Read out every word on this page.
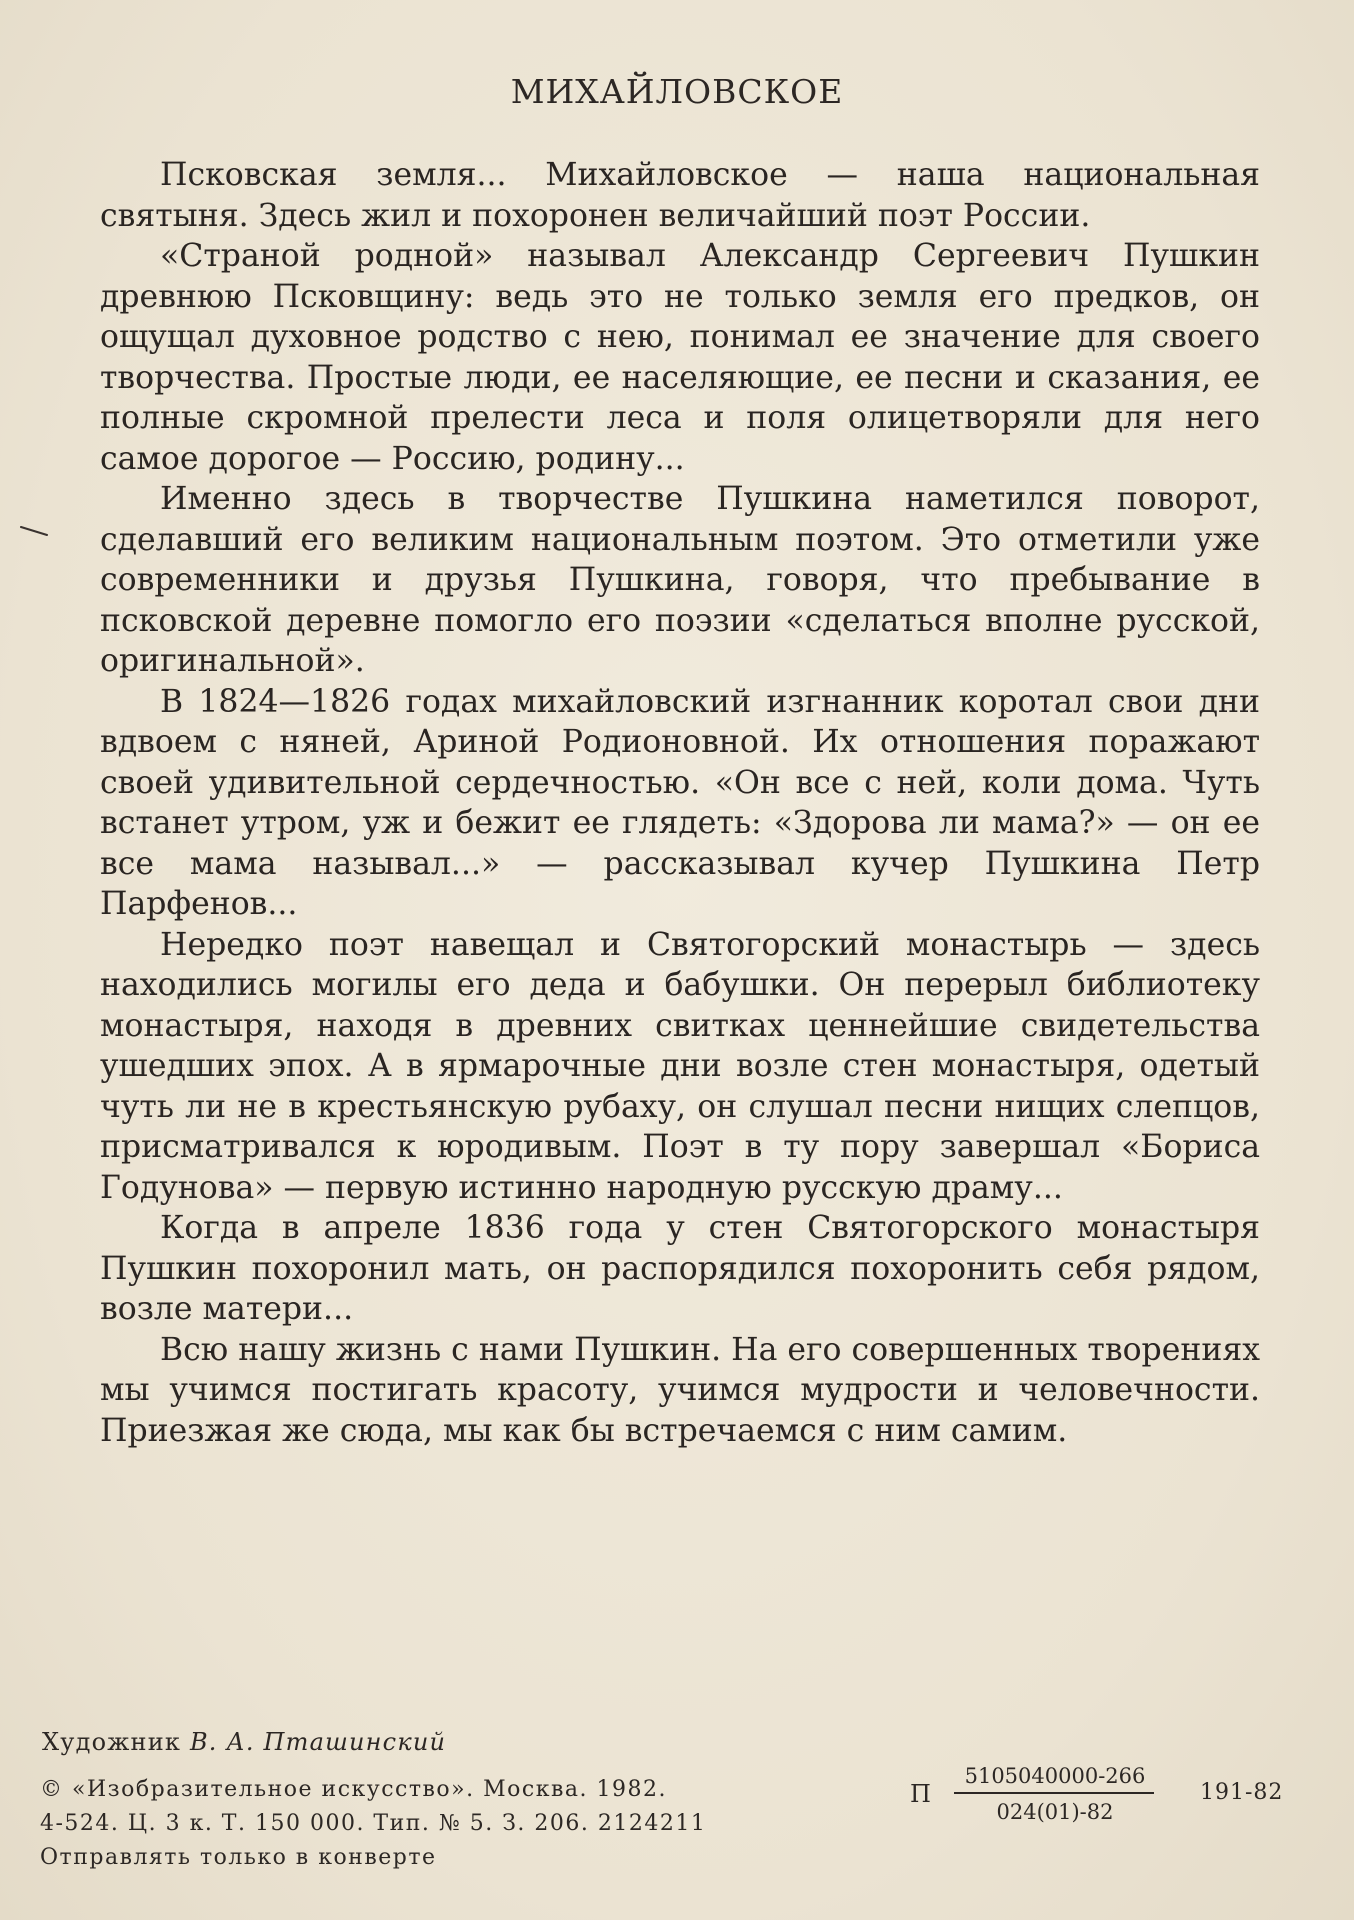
МИХАЙЛОВСКОЕ

Псковская земля... Михайловское — наша национальная святыня. Здесь жил и похоронен величайший поэт России.

«Страной родной» называл Александр Сергеевич Пушкин древнюю Псковщину: ведь это не только земля его предков, он ощущал духовное родство с нею, понимал ее значение для своего творчества. Простые люди, ее населяющие, ее песни и сказания, ее полные скромной прелести леса и поля олицетворяли для него самое дорогое — Россию, родину...

Именно здесь в творчестве Пушкина наметился поворот, сделавший его великим национальным поэтом. Это отметили уже современники и друзья Пушкина, говоря, что пребывание в псковской деревне помогло его поэзии «сделаться вполне русской, оригинальной».

В 1824—1826 годах михайловский изгнанник коротал свои дни вдвоем с няней, Ариной Родионовной. Их отношения поражают своей удивительной сердечностью. «Он все с ней, коли дома. Чуть встанет утром, уж и бежит ее глядеть: «Здорова ли мама?» — он ее все мама называл...» — рассказывал кучер Пушкина Петр Парфенов...

Нередко поэт навещал и Святогорский монастырь — здесь находились могилы его деда и бабушки. Он перерыл библиотеку монастыря, находя в древних свитках ценнейшие свидетельства ушедших эпох. А в ярмарочные дни возле стен монастыря, одетый чуть ли не в крестьянскую рубаху, он слушал песни нищих слепцов, присматривался к юродивым. Поэт в ту пору завершал «Бориса Годунова» — первую истинно народную русскую драму...

Когда в апреле 1836 года у стен Святогорского монастыря Пушкин похоронил мать, он распорядился похоронить себя рядом, возле матери...

Всю нашу жизнь с нами Пушкин. На его совершенных творениях мы учимся постигать красоту, учимся мудрости и человечности. Приезжая же сюда, мы как бы встречаемся с ним самим.

Художник В. А. Пташинский
© «Изобразительное искусство». Москва. 1982.
4-524. Ц. 3 к. Т. 150 000. Тип. № 5. З. 206. 2124211
Отправлять только в конверте
П
5105040000-266
024(01)-82
191-82
